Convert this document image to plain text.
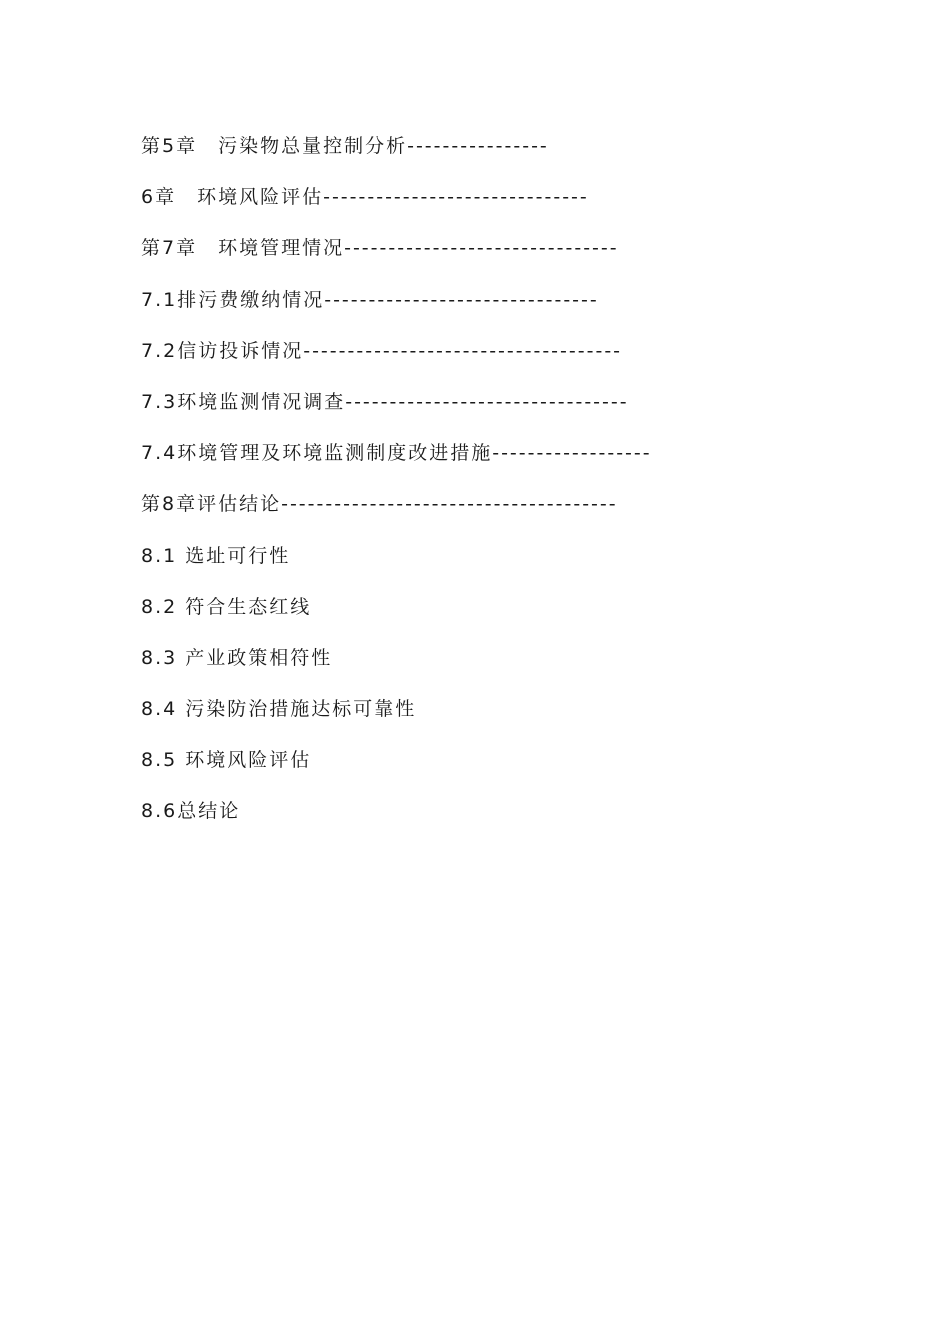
第5章　污染物总量控制分析----------------
6章　环境风险评估------------------------------
第7章　环境管理情况-------------------------------
7.1排污费缴纳情况-------------------------------
7.2信访投诉情况------------------------------------
7.3环境监测情况调查--------------------------------
7.4环境管理及环境监测制度改进措施------------------
第8章评估结论--------------------------------------
8.1 选址可行性
8.2 符合生态红线
8.3 产业政策相符性
8.4 污染防治措施达标可靠性
8.5 环境风险评估
8.6总结论
